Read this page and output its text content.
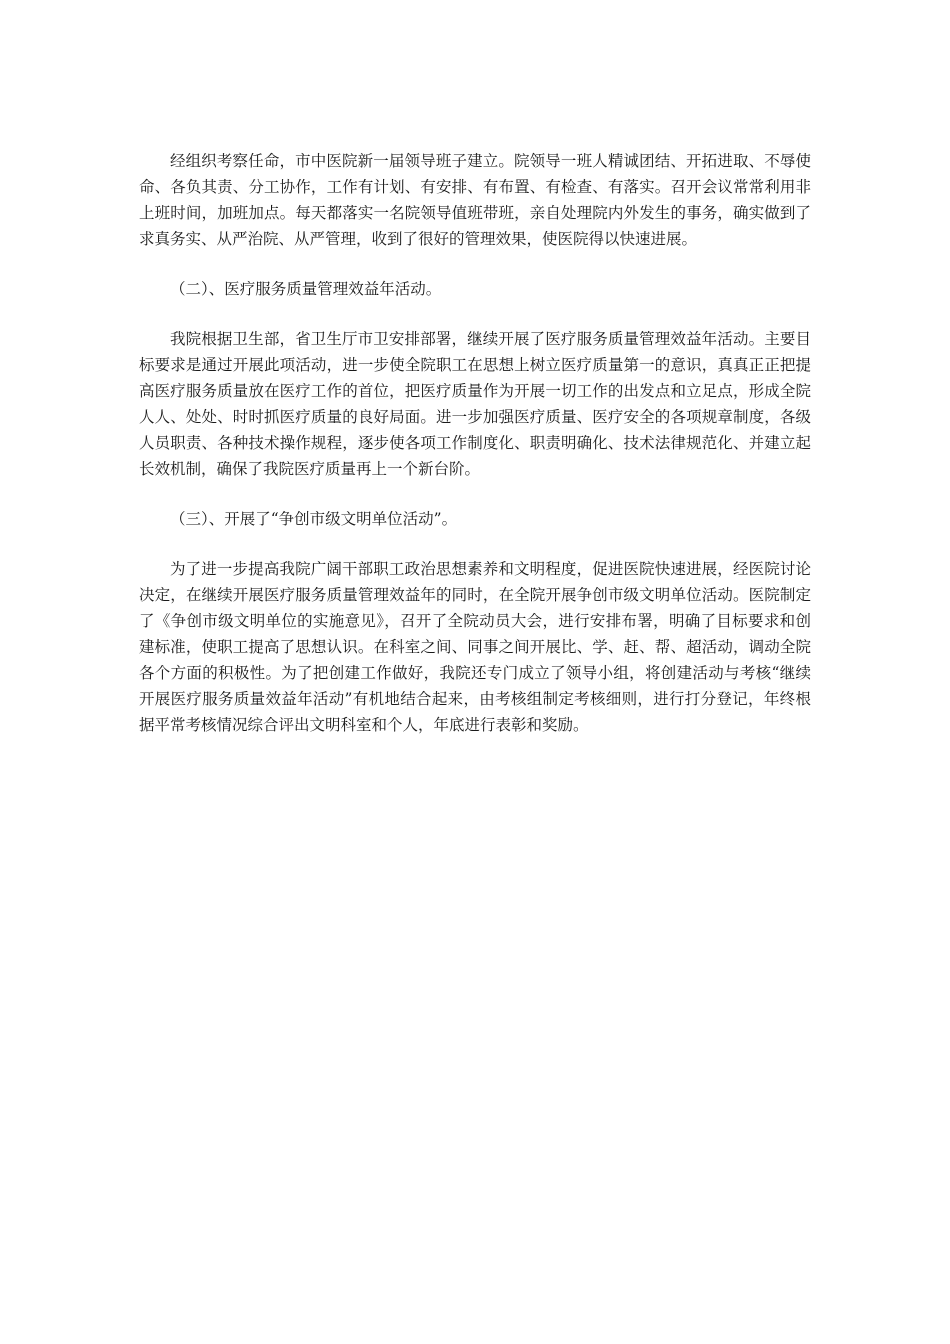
经组织考察任命，市中医院新一届领导班子建立。院领导一班人精诚团结、开拓进取、不辱使命、各负其责、分工协作，工作有计划、有安排、有布置、有检查、有落实。召开会议常常利用非上班时间，加班加点。每天都落实一名院领导值班带班，亲自处理院内外发生的事务，确实做到了求真务实、从严治院、从严管理，收到了很好的管理效果，使医院得以快速进展。

（二）、医疗服务质量管理效益年活动。

我院根据卫生部，省卫生厅市卫安排部署，继续开展了医疗服务质量管理效益年活动。主要目标要求是通过开展此项活动，进一步使全院职工在思想上树立医疗质量第一的意识，真真正正把提高医疗服务质量放在医疗工作的首位，把医疗质量作为开展一切工作的出发点和立足点，形成全院人人、处处、时时抓医疗质量的良好局面。进一步加强医疗质量、医疗安全的各项规章制度，各级人员职责、各种技术操作规程，逐步使各项工作制度化、职责明确化、技术法律规范化、并建立起长效机制，确保了我院医疗质量再上一个新台阶。

（三）、开展了“争创市级文明单位活动”。

为了进一步提高我院广阔干部职工政治思想素养和文明程度，促进医院快速进展，经医院讨论决定，在继续开展医疗服务质量管理效益年的同时，在全院开展争创市级文明单位活动。医院制定了《争创市级文明单位的实施意见》，召开了全院动员大会，进行安排布署，明确了目标要求和创建标准，使职工提高了思想认识。在科室之间、同事之间开展比、学、赶、帮、超活动，调动全院各个方面的积极性。为了把创建工作做好，我院还专门成立了领导小组，将创建活动与考核“继续开展医疗服务质量效益年活动”有机地结合起来，由考核组制定考核细则，进行打分登记，年终根据平常考核情况综合评出文明科室和个人，年底进行表彰和奖励。
